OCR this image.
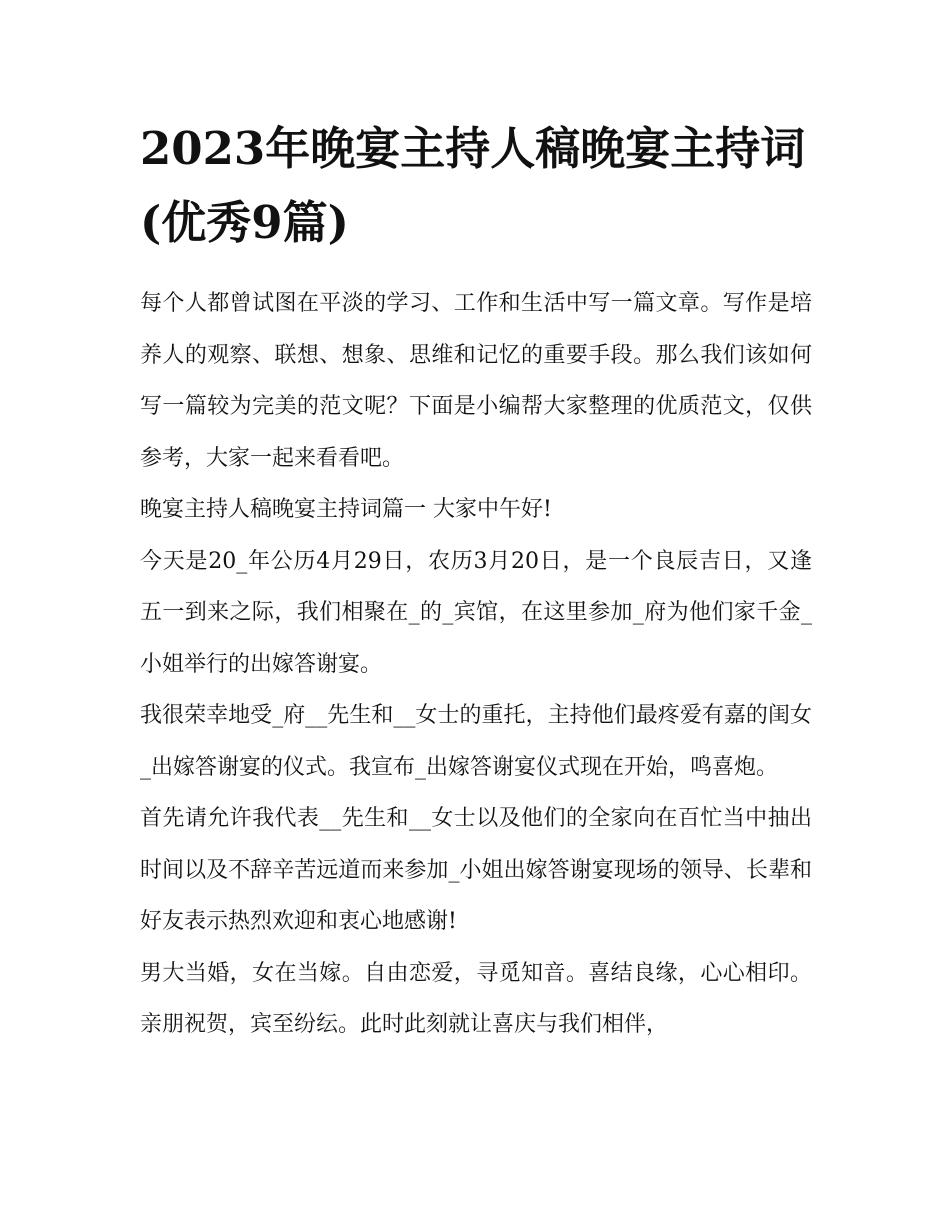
2023年晚宴主持人稿晚宴主持词(优秀9篇)

每个人都曾试图在平淡的学习、工作和生活中写一篇文章。写作是培养人的观察、联想、想象、思维和记忆的重要手段。那么我们该如何写一篇较为完美的范文呢？下面是小编帮大家整理的优质范文，仅供参考，大家一起来看看吧。

晚宴主持人稿晚宴主持词篇一 大家中午好!

今天是20_年公历4月29日，农历3月20日，是一个良辰吉日，又逢五一到来之际，我们相聚在_的_宾馆，在这里参加_府为他们家千金_小姐举行的出嫁答谢宴。

我很荣幸地受_府__先生和__女士的重托，主持他们最疼爱有嘉的闺女_出嫁答谢宴的仪式。我宣布_出嫁答谢宴仪式现在开始，鸣喜炮。

首先请允许我代表__先生和__女士以及他们的全家向在百忙当中抽出时间以及不辞辛苦远道而来参加_小姐出嫁答谢宴现场的领导、长辈和好友表示热烈欢迎和衷心地感谢!

男大当婚，女在当嫁。自由恋爱，寻觅知音。喜结良缘，心心相印。亲朋祝贺，宾至纷纭。此时此刻就让喜庆与我们相伴，
